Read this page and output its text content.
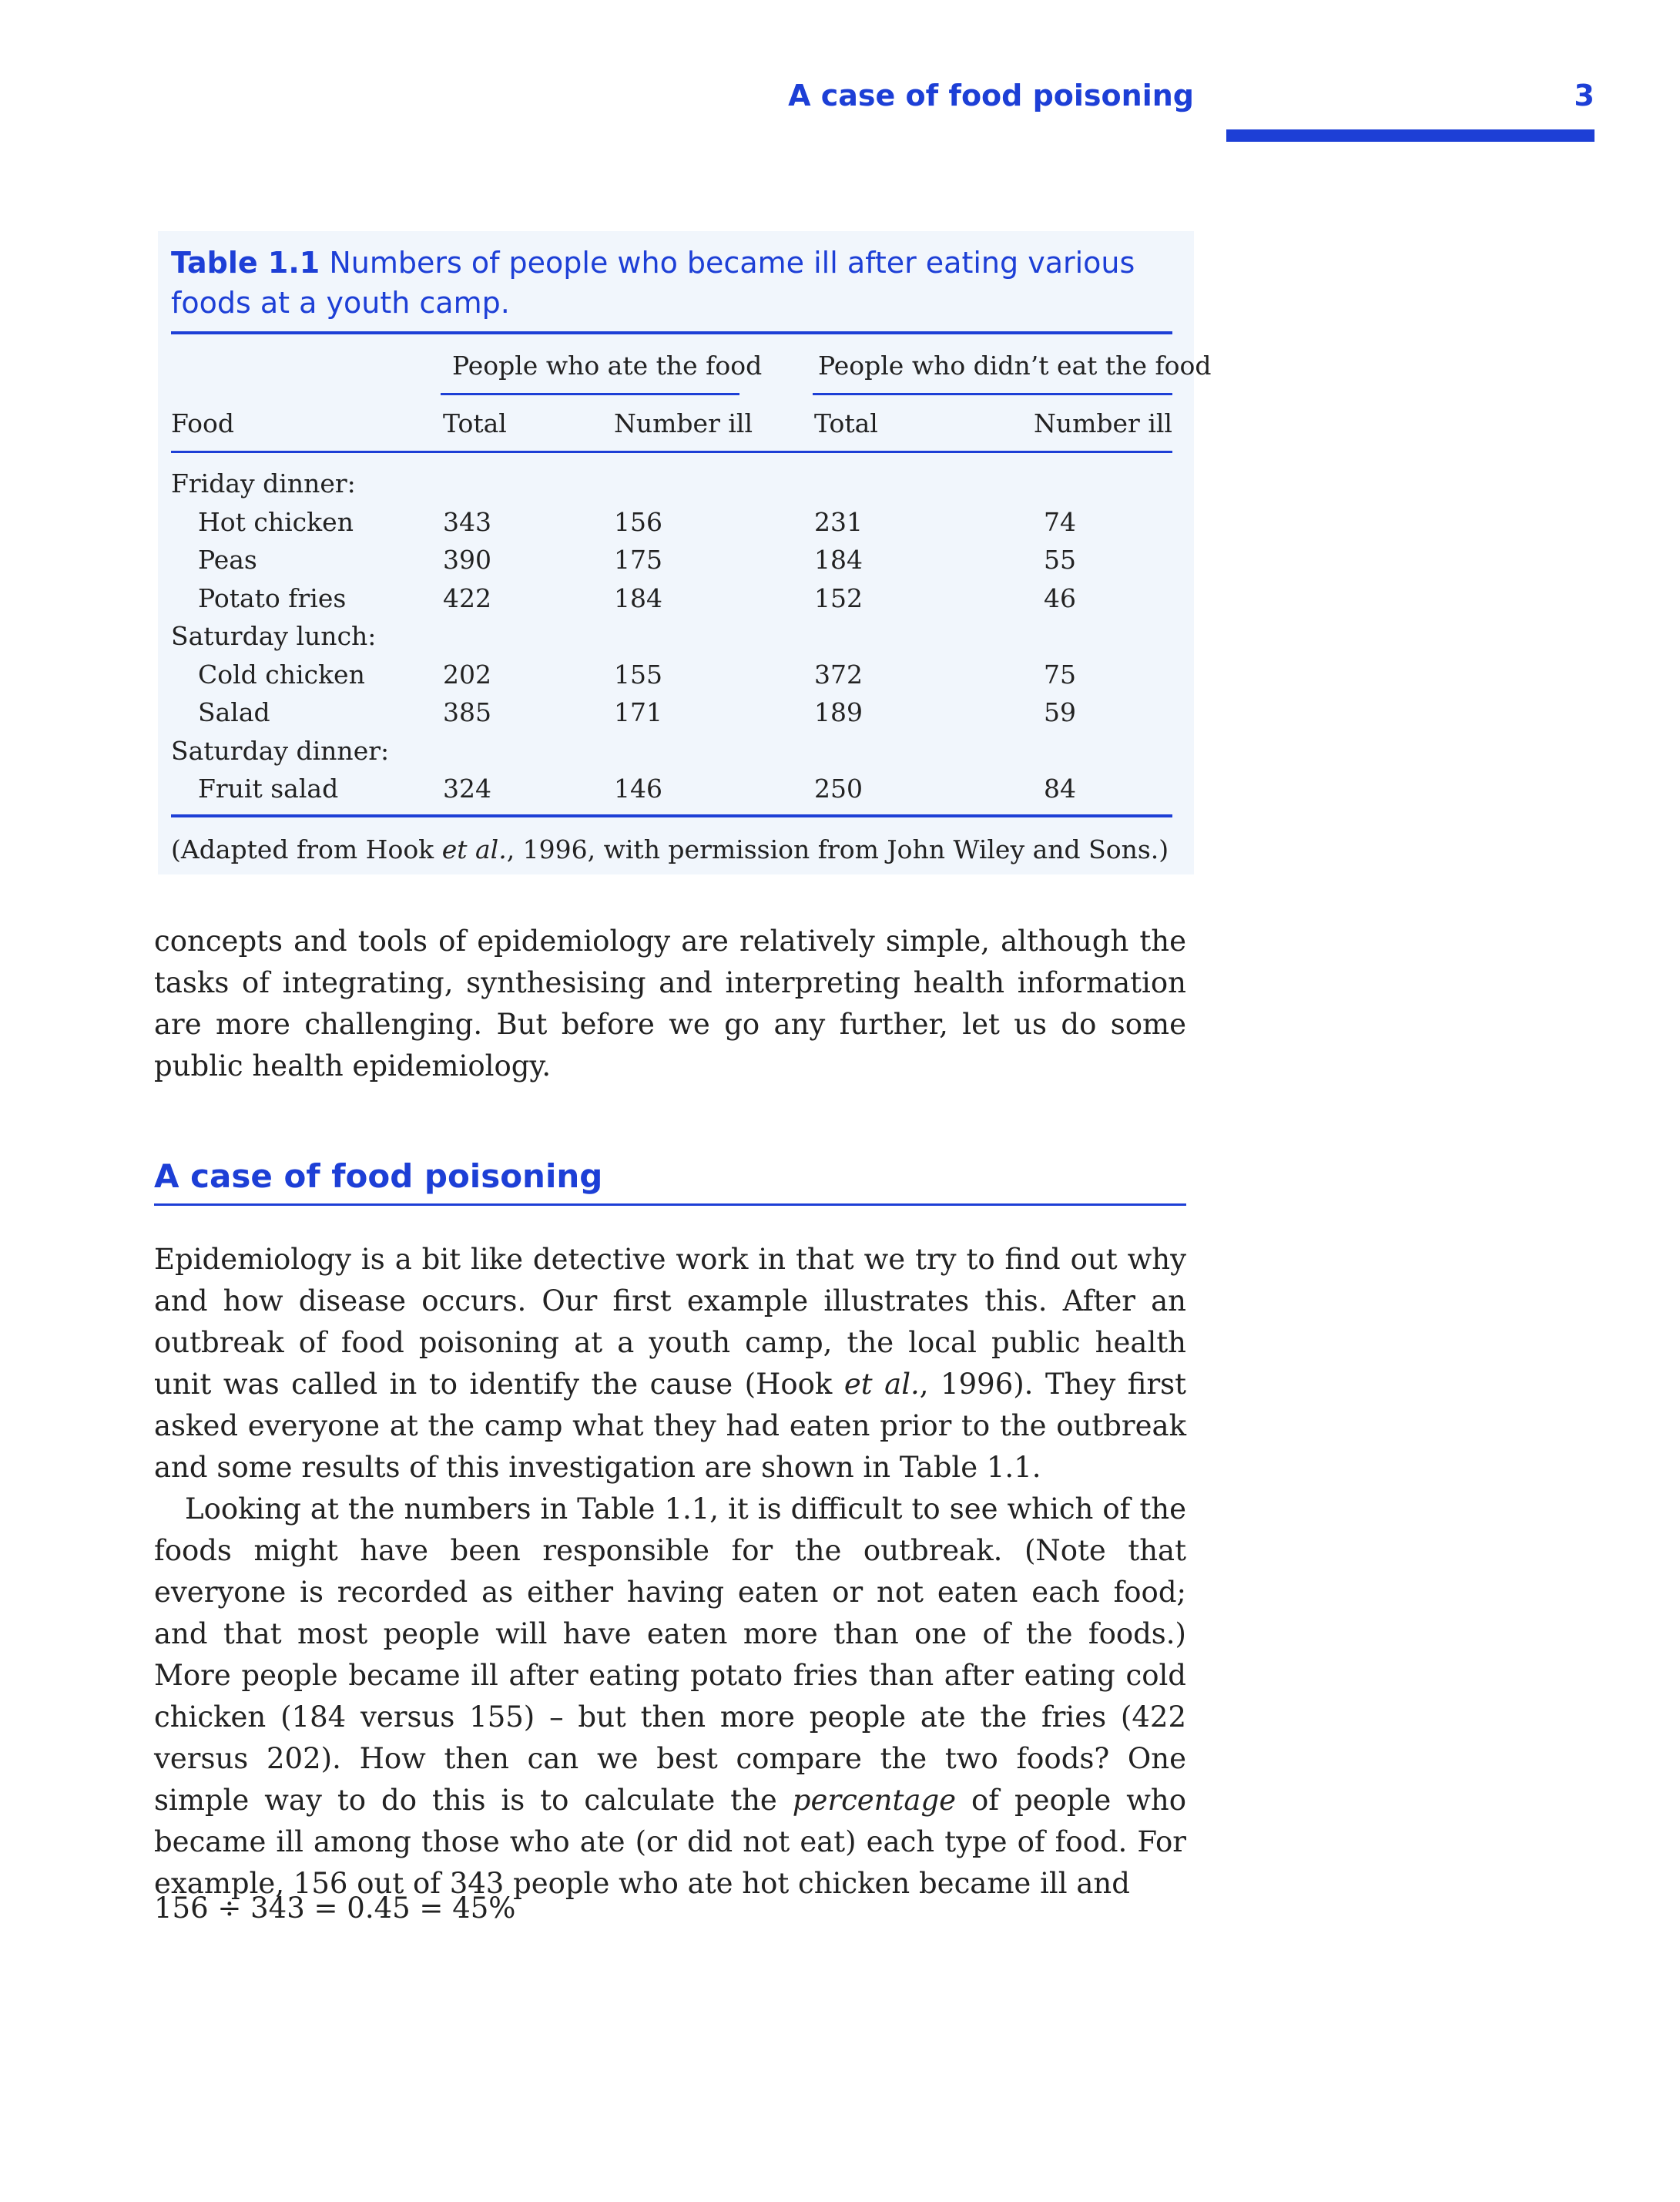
A case of food poisoning	3
Table 1.1 Numbers of people who became ill after eating various foods at a youth camp.
People who ate the food People who didn’t eat the food
Food	Total	Number ill Total	Number ill
Friday dinner:
Hot chicken	343	156	231	74
Peas	390	175	184	55
Potato fries	422	184	152	46
Saturday lunch:
Cold chicken	202	155	372	75
Salad	385	171	189	59
Saturday dinner:
Fruit salad	324	146	250	84
(Adapted from Hook et al., 1996, with permission from John Wiley and Sons.)

concepts and tools of epidemiology are relatively simple, although the tasks of integrating, synthesising and interpreting health information are more challenging. But before we go any further, let us do some public health epidemiology.

A case of food poisoning

Epidemiology is a bit like detective work in that we try to find out why and how disease occurs. Our first example illustrates this. After an outbreak of food poisoning at a youth camp, the local public health unit was called in to identify the cause (Hook et al., 1996). They first asked everyone at the camp what they had eaten prior to the outbreak and some results of this investigation are shown in Table 1.1.

Looking at the numbers in Table 1.1, it is difficult to see which of the foods might have been responsible for the outbreak. (Note that everyone is recorded as either having eaten or not eaten each food; and that most people will have eaten more than one of the foods.) More people became ill after eating potato fries than after eating cold chicken (184 versus 155) – but then more people ate the fries (422 versus 202). How then can we best compare the two foods? One simple way to do this is to calculate the percentage of people who became ill among those who ate (or did not eat) each type of food. For example, 156 out of 343 people who ate hot chicken became ill and

156 ÷ 343 = 0.45 = 45%
